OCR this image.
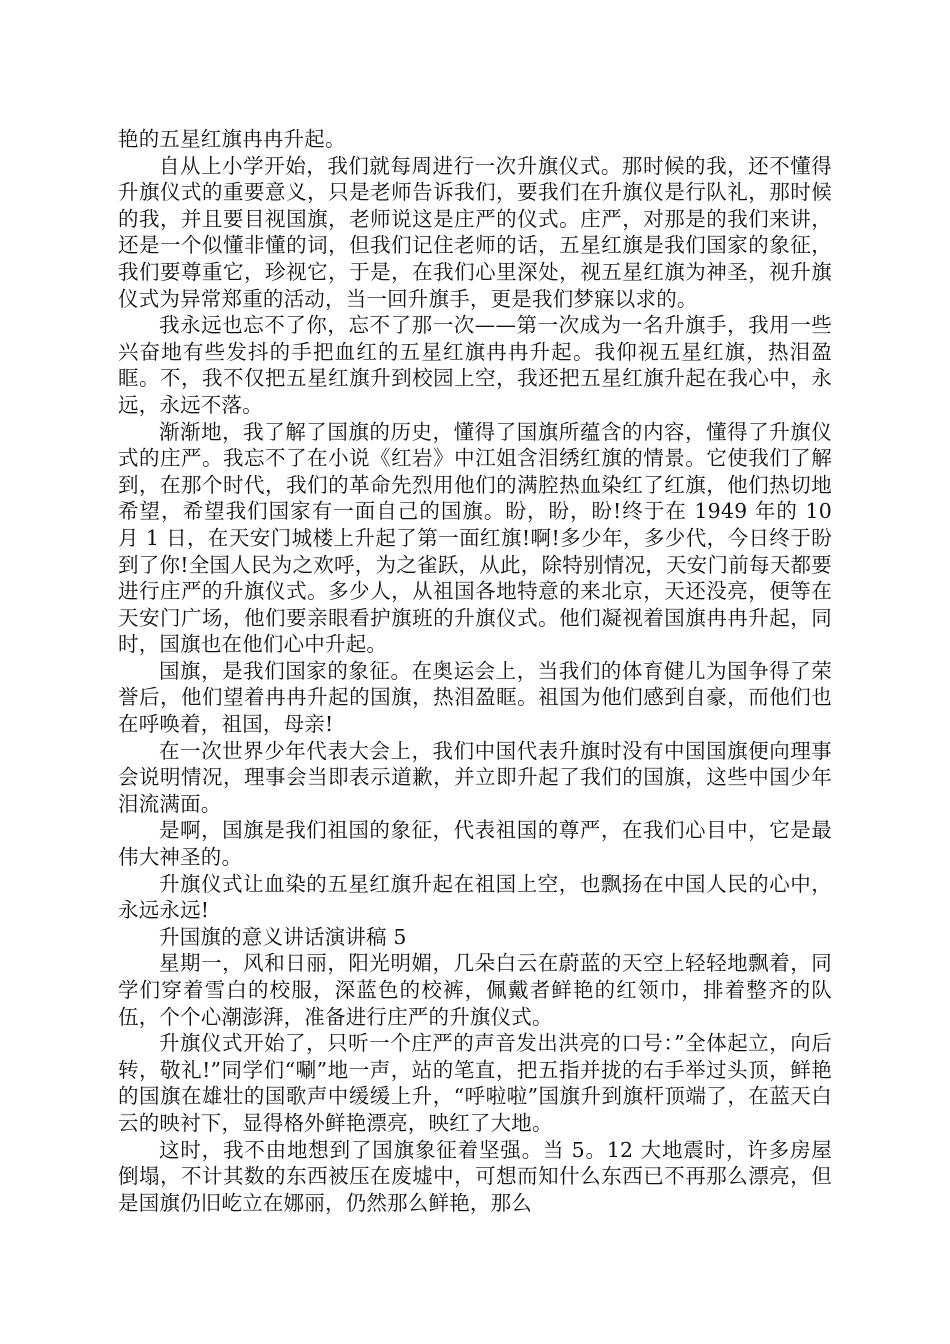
艳的五星红旗冉冉升起。

自从上小学开始，我们就每周进行一次升旗仪式。那时候的我，还不懂得升旗仪式的重要意义，只是老师告诉我们，要我们在升旗仪是行队礼，那时候的我，并且要目视国旗，老师说这是庄严的仪式。庄严，对那是的我们来讲，还是一个似懂非懂的词，但我们记住老师的话，五星红旗是我们国家的象征，我们要尊重它，珍视它，于是，在我们心里深处，视五星红旗为神圣，视升旗仪式为异常郑重的活动，当一回升旗手，更是我们梦寐以求的。

我永远也忘不了你，忘不了那一次——第一次成为一名升旗手，我用一些兴奋地有些发抖的手把血红的五星红旗冉冉升起。我仰视五星红旗，热泪盈眶。不，我不仅把五星红旗升到校园上空，我还把五星红旗升起在我心中，永远，永远不落。

渐渐地，我了解了国旗的历史，懂得了国旗所蕴含的内容，懂得了升旗仪式的庄严。我忘不了在小说《红岩》中江姐含泪绣红旗的情景。它使我们了解到，在那个时代，我们的革命先烈用他们的满腔热血染红了红旗，他们热切地希望，希望我们国家有一面自己的国旗。盼，盼，盼!终于在 1949 年的 10 月 1 日，在天安门城楼上升起了第一面红旗!啊!多少年，多少代，今日终于盼到了你!全国人民为之欢呼，为之雀跃，从此，除特别情况，天安门前每天都要进行庄严的升旗仪式。多少人，从祖国各地特意的来北京，天还没亮，便等在天安门广场，他们要亲眼看护旗班的升旗仪式。他们凝视着国旗冉冉升起，同时，国旗也在他们心中升起。

国旗，是我们国家的象征。在奥运会上，当我们的体育健儿为国争得了荣誉后，他们望着冉冉升起的国旗，热泪盈眶。祖国为他们感到自豪，而他们也在呼唤着，祖国，母亲!

在一次世界少年代表大会上，我们中国代表升旗时没有中国国旗便向理事会说明情况，理事会当即表示道歉，并立即升起了我们的国旗，这些中国少年泪流满面。

是啊，国旗是我们祖国的象征，代表祖国的尊严，在我们心目中，它是最伟大神圣的。

升旗仪式让血染的五星红旗升起在祖国上空，也飘扬在中国人民的心中，永远永远!

升国旗的意义讲话演讲稿 5

星期一，风和日丽，阳光明媚，几朵白云在蔚蓝的天空上轻轻地飘着，同学们穿着雪白的校服，深蓝色的校裤，佩戴者鲜艳的红领巾，排着整齐的队伍，个个心潮澎湃，准备进行庄严的升旗仪式。

升旗仪式开始了，只听一个庄严的声音发出洪亮的口号：”全体起立，向后转，敬礼!”同学们“唰”地一声，站的笔直，把五指并拢的右手举过头顶，鲜艳的国旗在雄壮的国歌声中缓缓上升，“呼啦啦”国旗升到旗杆顶端了，在蓝天白云的映衬下，显得格外鲜艳漂亮，映红了大地。

这时，我不由地想到了国旗象征着坚强。当 5。12 大地震时，许多房屋倒塌，不计其数的东西被压在废墟中，可想而知什么东西已不再那么漂亮，但是国旗仍旧屹立在娜丽，仍然那么鲜艳，那么
